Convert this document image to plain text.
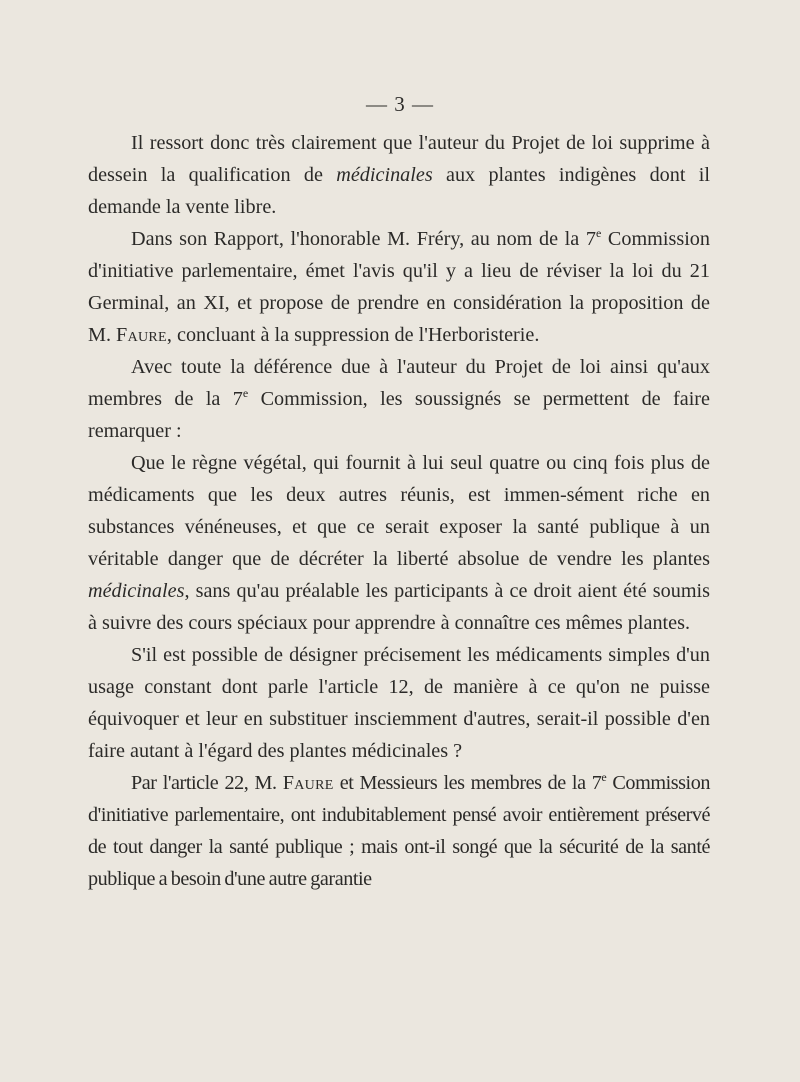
— 3 —

Il ressort donc très clairement que l'auteur du Projet de loi supprime à dessein la qualification de médicinales aux plantes indigènes dont il demande la vente libre.

Dans son Rapport, l'honorable M. Fréry, au nom de la 7e Commission d'initiative parlementaire, émet l'avis qu'il y a lieu de réviser la loi du 21 Germinal, an XI, et propose de prendre en considération la proposition de M. Faure, concluant à la suppression de l'Herboristerie.

Avec toute la déférence due à l'auteur du Projet de loi ainsi qu'aux membres de la 7e Commission, les soussignés se permettent de faire remarquer :

Que le règne végétal, qui fournit à lui seul quatre ou cinq fois plus de médicaments que les deux autres réunis, est immen-sément riche en substances vénéneuses, et que ce serait exposer la santé publique à un véritable danger que de décréter la liberté absolue de vendre les plantes médicinales, sans qu'au préalable les participants à ce droit aient été soumis à suivre des cours spéciaux pour apprendre à connaître ces mêmes plantes.

S'il est possible de désigner précisement les médicaments simples d'un usage constant dont parle l'article 12, de manière à ce qu'on ne puisse équivoquer et leur en substituer insciemment d'autres, serait-il possible d'en faire autant à l'égard des plantes médicinales ?

Par l'article 22, M. Faure et Messieurs les membres de la 7e Commission d'initiative parlementaire, ont indubitablement pensé avoir entièrement préservé de tout danger la santé publique ; mais ont-il songé que la sécurité de la santé publique a besoin d'une autre garantie
